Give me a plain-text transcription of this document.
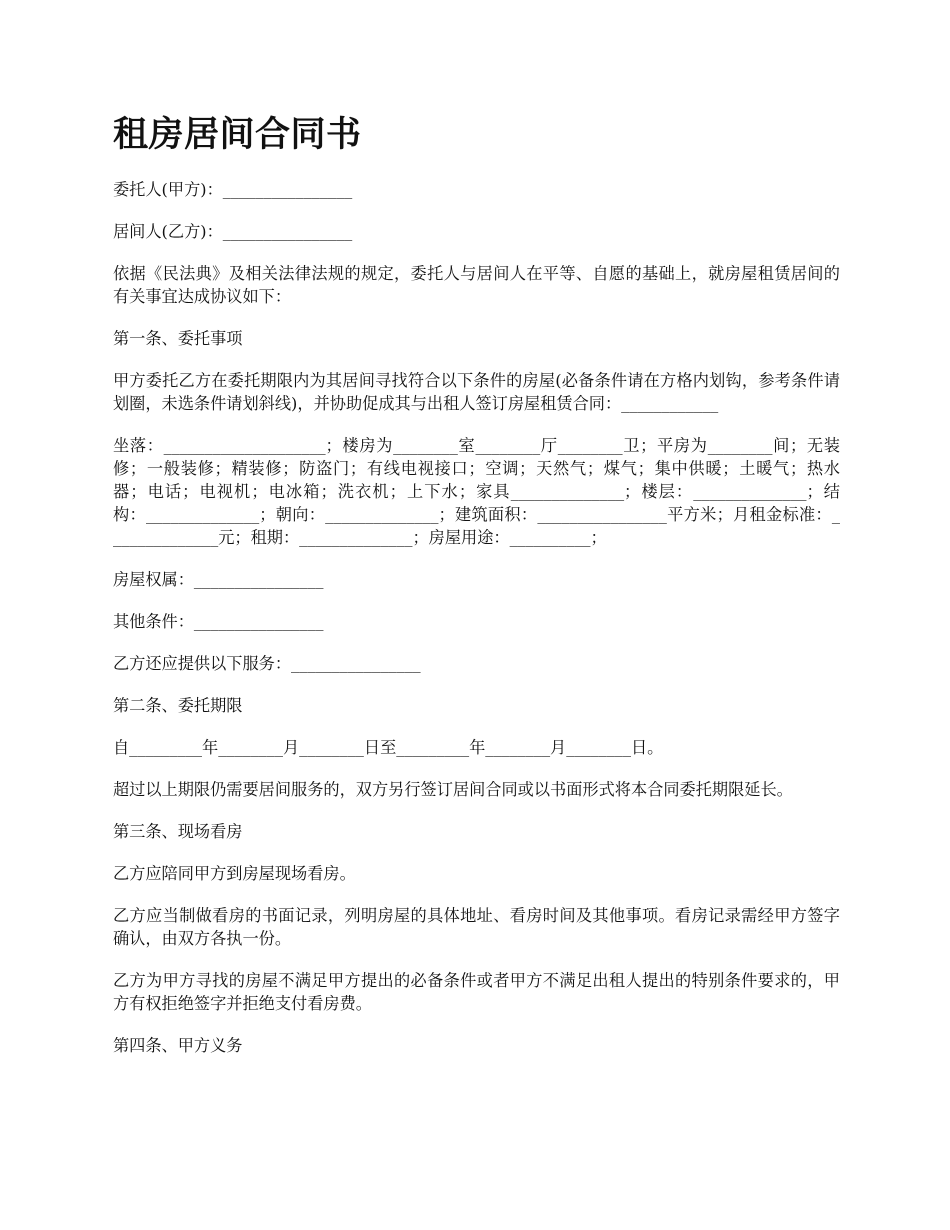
租房居间合同书

委托人(甲方)：________________

居间人(乙方)：________________

依据《民法典》及相关法律法规的规定，委托人与居间人在平等、自愿的基础上，就房屋租赁居间的有关事宜达成协议如下：

第一条、委托事项

甲方委托乙方在委托期限内为其居间寻找符合以下条件的房屋(必备条件请在方格内划钩，参考条件请划圈，未选条件请划斜线)，并协助促成其与出租人签订房屋租赁合同：____________

坐落：____________________；楼房为________室________厅________卫；平房为________间；无装修；一般装修；精装修；防盗门；有线电视接口；空调；天然气；煤气；集中供暖；土暖气；热水器；电话；电视机；电冰箱；洗衣机；上下水；家具______________；楼层：______________；结构：______________；朝向：______________；建筑面积：________________平方米；月租金标准：______________元；租期：______________；房屋用途：__________；

房屋权属：________________

其他条件：________________

乙方还应提供以下服务：________________

第二条、委托期限

自_________年________月________日至_________年________月________日。

超过以上期限仍需要居间服务的，双方另行签订居间合同或以书面形式将本合同委托期限延长。

第三条、现场看房

乙方应陪同甲方到房屋现场看房。

乙方应当制做看房的书面记录，列明房屋的具体地址、看房时间及其他事项。看房记录需经甲方签字确认，由双方各执一份。

乙方为甲方寻找的房屋不满足甲方提出的必备条件或者甲方不满足出租人提出的特别条件要求的，甲方有权拒绝签字并拒绝支付看房费。

第四条、甲方义务
